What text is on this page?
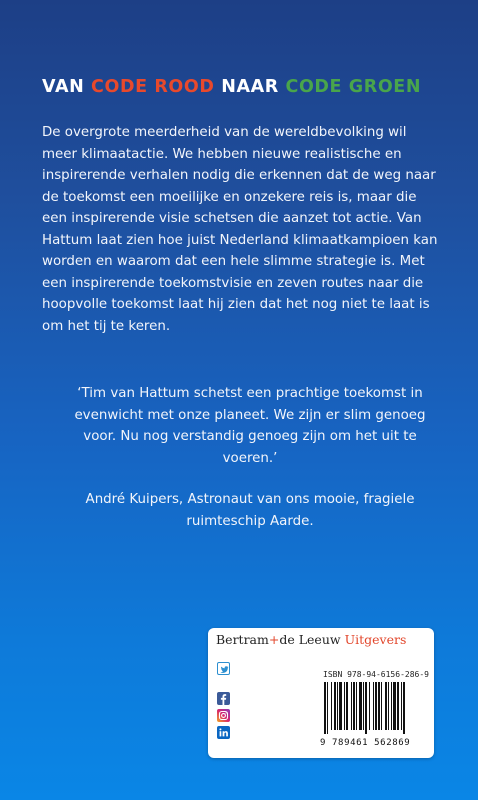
VAN CODE ROOD NAAR CODE GROEN

De overgrote meerderheid van de wereldbevolking wil meer klimaatactie. We hebben nieuwe realistische en inspirerende verhalen nodig die erkennen dat de weg naar de toekomst een moeilijke en onzekere reis is, maar die een inspirerende visie schetsen die aanzet tot actie. Van Hattum laat zien hoe juist Nederland klimaatkampioen kan worden en waarom dat een hele slimme strategie is. Met een inspirerende toekomstvisie en zeven routes naar die hoopvolle toekomst laat hij zien dat het nog niet te laat is om het tij te keren.

‘Tim van Hattum schetst een prachtige toekomst in evenwicht met onze planeet. We zijn er slim genoeg voor. Nu nog verstandig genoeg zijn om het uit te voeren.’

André Kuipers, Astronaut van ons mooie, fragiele ruimteschip Aarde.

Bertram+de Leeuw Uitgevers
ISBN 978-94-6156-286-9
9 789461 562869
